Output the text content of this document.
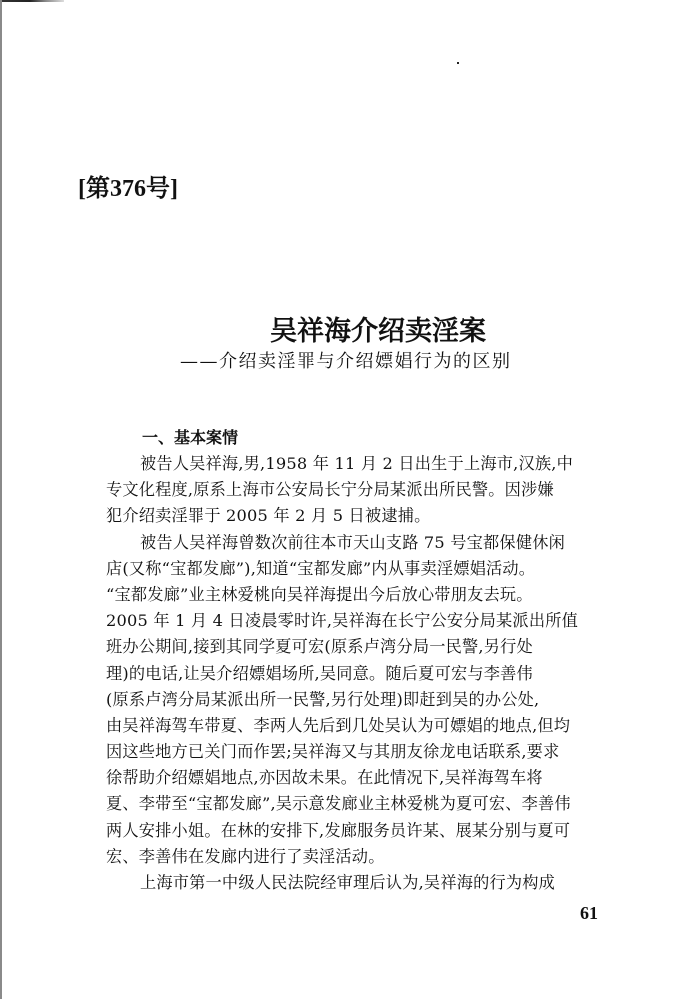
[第376号]
吴祥海介绍卖淫案
——介绍卖淫罪与介绍嫖娼行为的区别
一、基本案情
被告人吴祥海,男,1958 年 11 月 2 日出生于上海市,汉族,中
专文化程度,原系上海市公安局长宁分局某派出所民警。因涉嫌
犯介绍卖淫罪于 2005 年 2 月 5 日被逮捕。
被告人吴祥海曾数次前往本市天山支路 75 号宝都保健休闲
店(又称“宝都发廊”),知道“宝都发廊”内从事卖淫嫖娼活动。
“宝都发廊”业主林爱桃向吴祥海提出今后放心带朋友去玩。
2005 年 1 月 4 日凌晨零时许,吴祥海在长宁公安分局某派出所值
班办公期间,接到其同学夏可宏(原系卢湾分局一民警,另行处
理)的电话,让吴介绍嫖娼场所,吴同意。随后夏可宏与李善伟
(原系卢湾分局某派出所一民警,另行处理)即赶到吴的办公处,
由吴祥海驾车带夏、李两人先后到几处吴认为可嫖娼的地点,但均
因这些地方已关门而作罢;吴祥海又与其朋友徐龙电话联系,要求
徐帮助介绍嫖娼地点,亦因故未果。在此情况下,吴祥海驾车将
夏、李带至“宝都发廊”,吴示意发廊业主林爱桃为夏可宏、李善伟
两人安排小姐。在林的安排下,发廊服务员许某、展某分别与夏可
宏、李善伟在发廊内进行了卖淫活动。
上海市第一中级人民法院经审理后认为,吴祥海的行为构成
61
